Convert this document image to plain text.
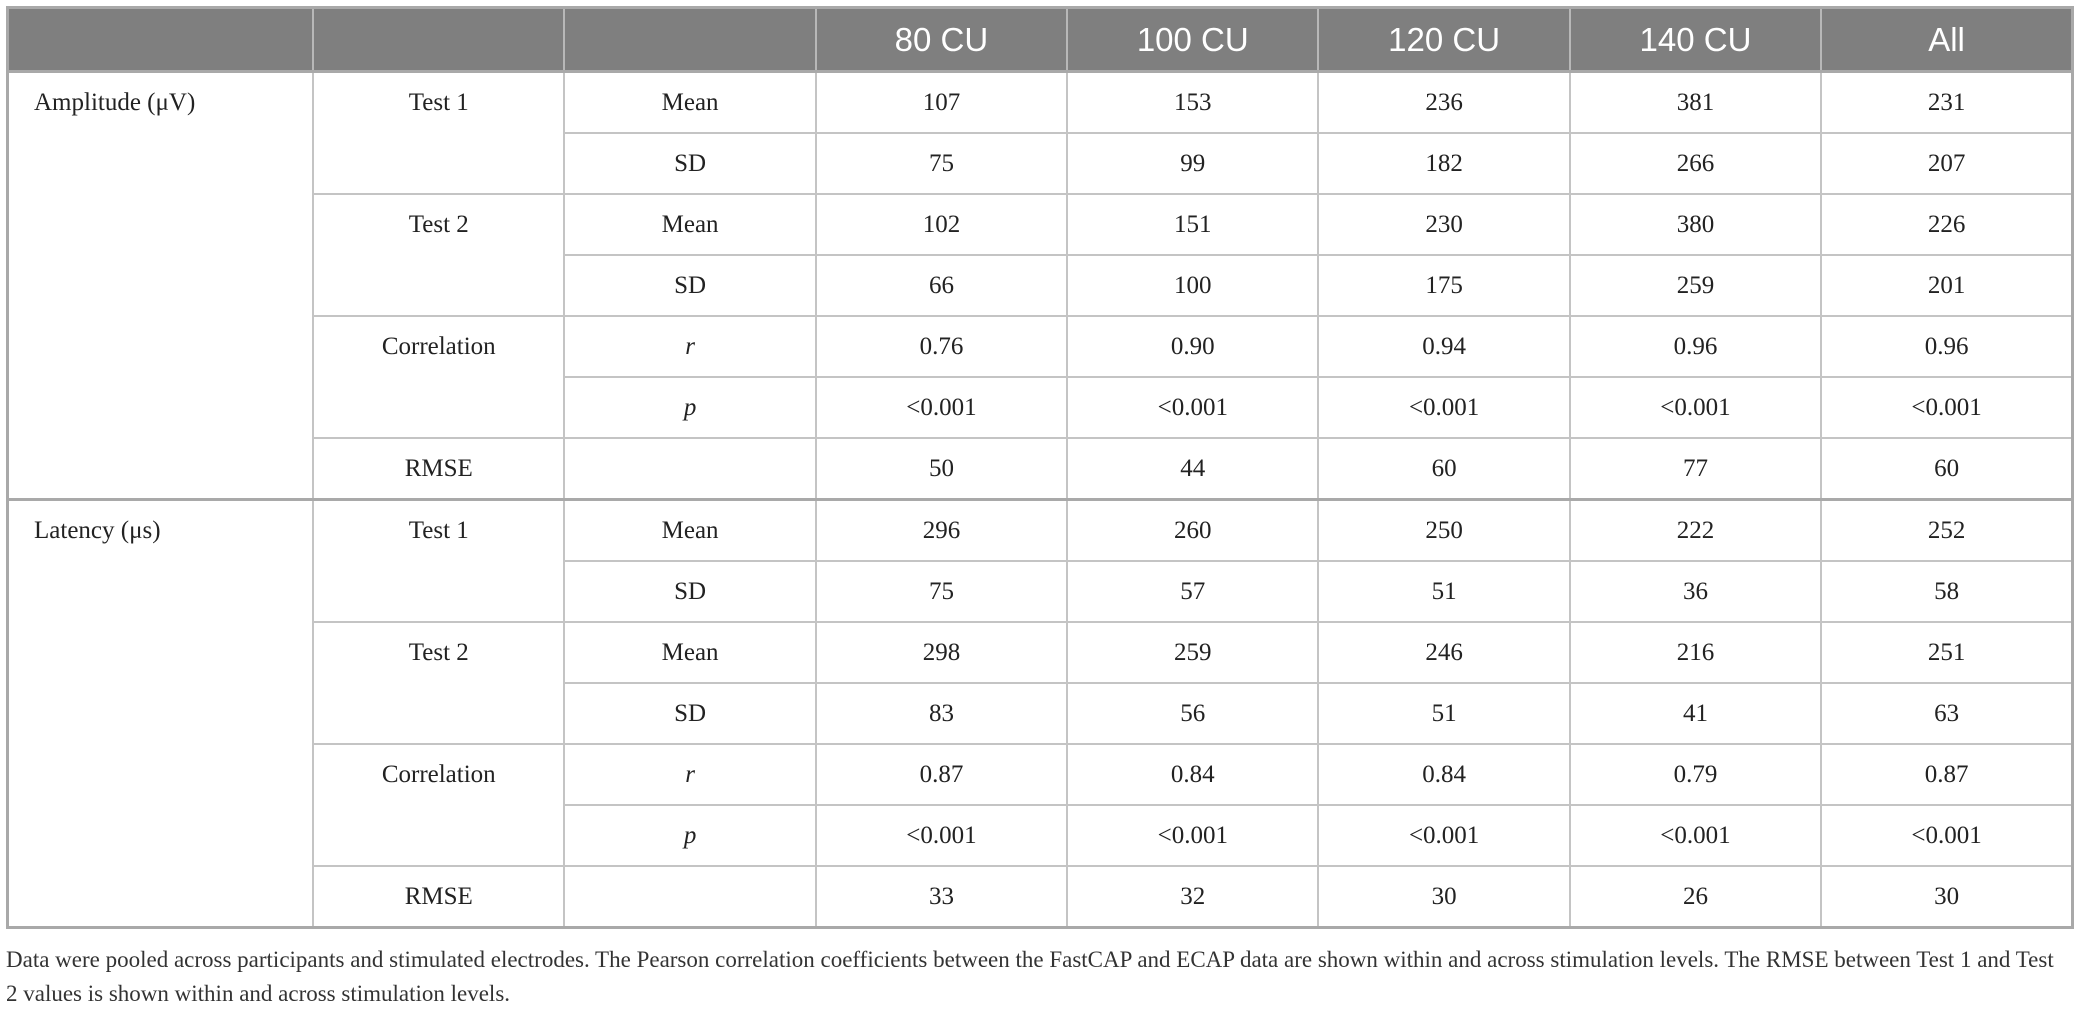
			80 CU	100 CU	120 CU	140 CU	All
Amplitude (μV)	Test 1	Mean	107	153	236	381	231
		SD	75	99	182	266	207
	Test 2	Mean	102	151	230	380	226
		SD	66	100	175	259	201
	Correlation	r	0.76	0.90	0.94	0.96	0.96
		p	<0.001	<0.001	<0.001	<0.001	<0.001
	RMSE		50	44	60	77	60
Latency (μs)	Test 1	Mean	296	260	250	222	252
		SD	75	57	51	36	58
	Test 2	Mean	298	259	246	216	251
		SD	83	56	51	41	63
	Correlation	r	0.87	0.84	0.84	0.79	0.87
		p	<0.001	<0.001	<0.001	<0.001	<0.001
	RMSE		33	32	30	26	30
Data were pooled across participants and stimulated electrodes. The Pearson correlation coefficients between the FastCAP and ECAP data are shown within and across stimulation levels. The RMSE between Test 1 and Test 2 values is shown within and across stimulation levels.
